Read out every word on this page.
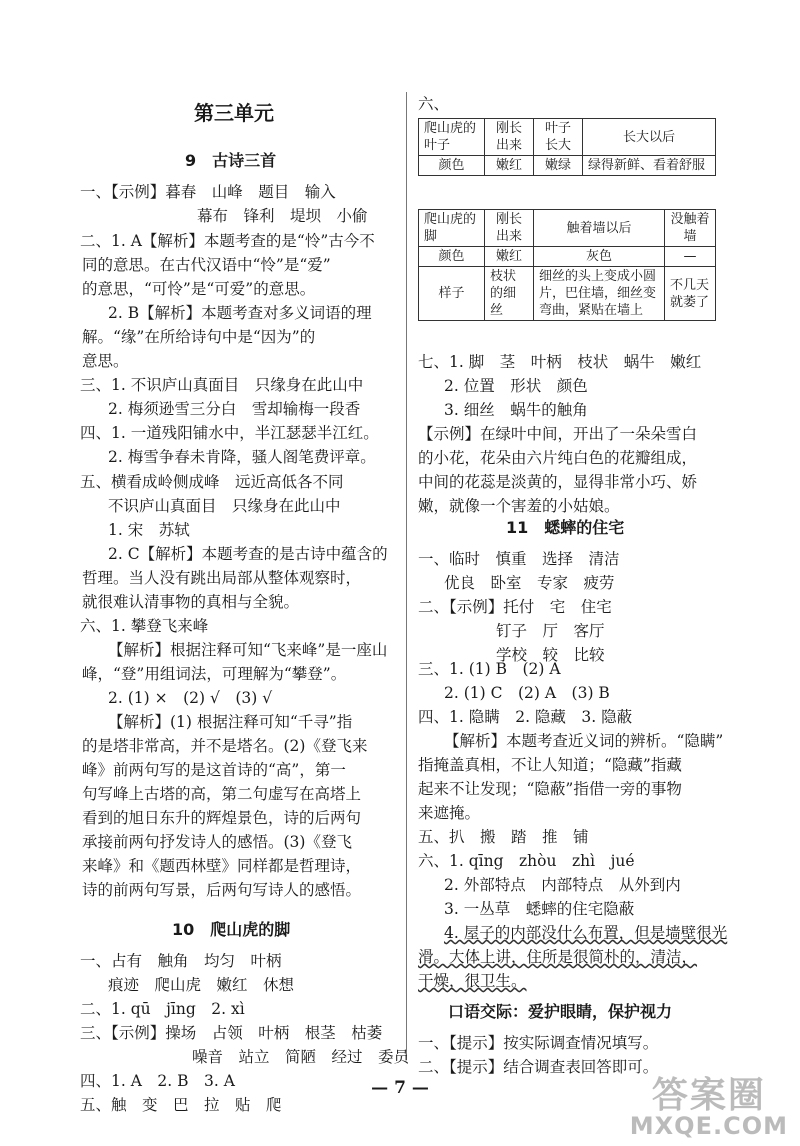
第三单元
9　古诗三首
一、【示例】暮春　山峰　题目　输入
幕布　锋利　堤坝　小偷
二、1. A【解析】本题考查的是“怜”古今不
同的意思。在古代汉语中“怜”是“爱”
的意思，“可怜”是“可爱”的意思。
2. B【解析】本题考查对多义词语的理
解。“缘”在所给诗句中是“因为”的
意思。
三、1. 不识庐山真面目　只缘身在此山中
2. 梅须逊雪三分白　雪却输梅一段香
四、1. 一道残阳铺水中，半江瑟瑟半江红。
2. 梅雪争春未肯降，骚人阁笔费评章。
五、横看成岭侧成峰　远近高低各不同
不识庐山真面目　只缘身在此山中
1. 宋　苏轼
2. C【解析】本题考查的是古诗中蕴含的
哲理。当人没有跳出局部从整体观察时，
就很难认清事物的真相与全貌。
六、1. 攀登飞来峰
【解析】根据注释可知“飞来峰”是一座山
峰，“登”用组词法，可理解为“攀登”。
2. (1) ×　(2) √　(3) √
【解析】(1) 根据注释可知“千寻”指
的是塔非常高，并不是塔名。(2)《登飞来
峰》前两句写的是这首诗的“高”，第一
句写峰上古塔的高，第二句虚写在高塔上
看到的旭日东升的辉煌景色，诗的后两句
承接前两句抒发诗人的感悟。(3)《登飞
来峰》和《题西林壁》同样都是哲理诗，
诗的前两句写景，后两句写诗人的感悟。
10　爬山虎的脚
一、占有　触角　均匀　叶柄
痕迹　爬山虎　嫩红　休想
二、1. qū　jīng　2. xì
三、【示例】操场　占领　叶柄　根茎　枯萎
噪音　站立　简陋　经过　委员
四、1. A　2. B　3. A
五、触　变　巴　拉　贴　爬
六、
爬山虎的叶子	刚长出来	叶子长大	长大以后
颜色	嫩红	嫩绿	绿得新鲜、看着舒服
爬山虎的脚	刚长出来	触着墙以后	没触着墙
颜色	嫩红	灰色	—
样子	枝状的细丝	细丝的头上变成小圆片，巴住墙，细丝变弯曲，紧贴在墙上	不几天就萎了
七、1. 脚　茎　叶柄　枝状　蜗牛　嫩红
2. 位置　形状　颜色
3. 细丝　蜗牛的触角
【示例】在绿叶中间，开出了一朵朵雪白
的小花，花朵由六片纯白色的花瓣组成，
中间的花蕊是淡黄的，显得非常小巧、娇
嫩，就像一个害羞的小姑娘。
11　蟋蟀的住宅
一、临时　慎重　选择　清洁
优良　卧室　专家　疲劳
二、【示例】托付　宅　住宅
钉子　厅　客厅
学校　较　比较
三、1. (1) B　(2) A
2. (1) C　(2) A　(3) B
四、1. 隐瞒　2. 隐藏　3. 隐蔽
【解析】本题考查近义词的辨析。“隐瞒”
指掩盖真相，不让人知道；“隐藏”指藏
起来不让发现；“隐蔽”指借一旁的事物
来遮掩。
五、扒　搬　踏　推　铺
六、1. qīng　zhòu　zhì　jué
2. 外部特点　内部特点　从外到内
3. 一丛草　蟋蟀的住宅隐蔽
4. 屋子的内部没什么布置，但是墙壁很光
滑。大体上讲，住所是很简朴的，清洁，
干燥，很卫生。
口语交际：爱护眼睛，保护视力
一、【提示】按实际调查情况填写。
二、【提示】结合调查表回答即可。
— 7 —	答案圈
MXQE.COM
